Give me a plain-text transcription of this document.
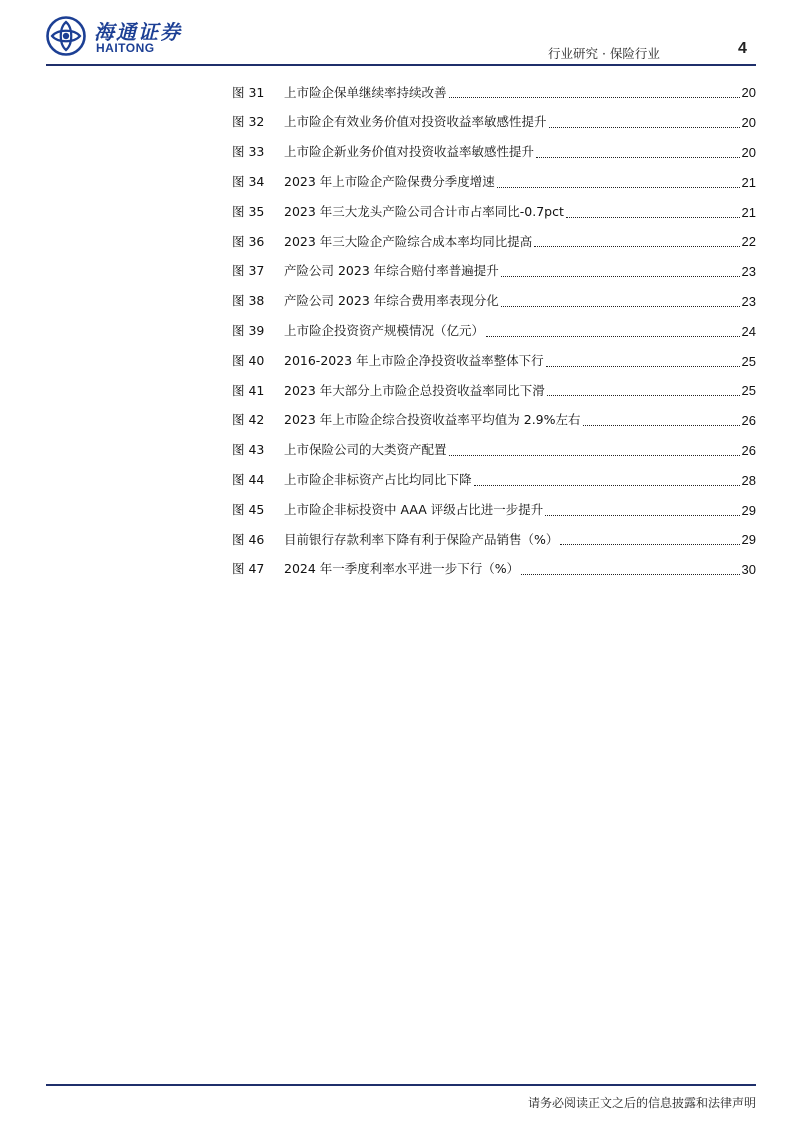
海通证券
HAITONG	行业研究 · 保险行业	4
图 31	上市险企保单继续率持续改善	20
图 32	上市险企有效业务价值对投资收益率敏感性提升	20
图 33	上市险企新业务价值对投资收益率敏感性提升	20
图 34	2023 年上市险企产险保费分季度增速	21
图 35	2023 年三大龙头产险公司合计市占率同比-0.7pct	21
图 36	2023 年三大险企产险综合成本率均同比提高	22
图 37	产险公司 2023 年综合赔付率普遍提升	23
图 38	产险公司 2023 年综合费用率表现分化	23
图 39	上市险企投资资产规模情况（亿元）	24
图 40	2016-2023 年上市险企净投资收益率整体下行	25
图 41	2023 年大部分上市险企总投资收益率同比下滑	25
图 42	2023 年上市险企综合投资收益率平均值为 2.9%左右	26
图 43	上市保险公司的大类资产配置	26
图 44	上市险企非标资产占比均同比下降	28
图 45	上市险企非标投资中 AAA 评级占比进一步提升	29
图 46	目前银行存款利率下降有利于保险产品销售（%）	29
图 47	2024 年一季度利率水平进一步下行（%）	30
请务必阅读正文之后的信息披露和法律声明
